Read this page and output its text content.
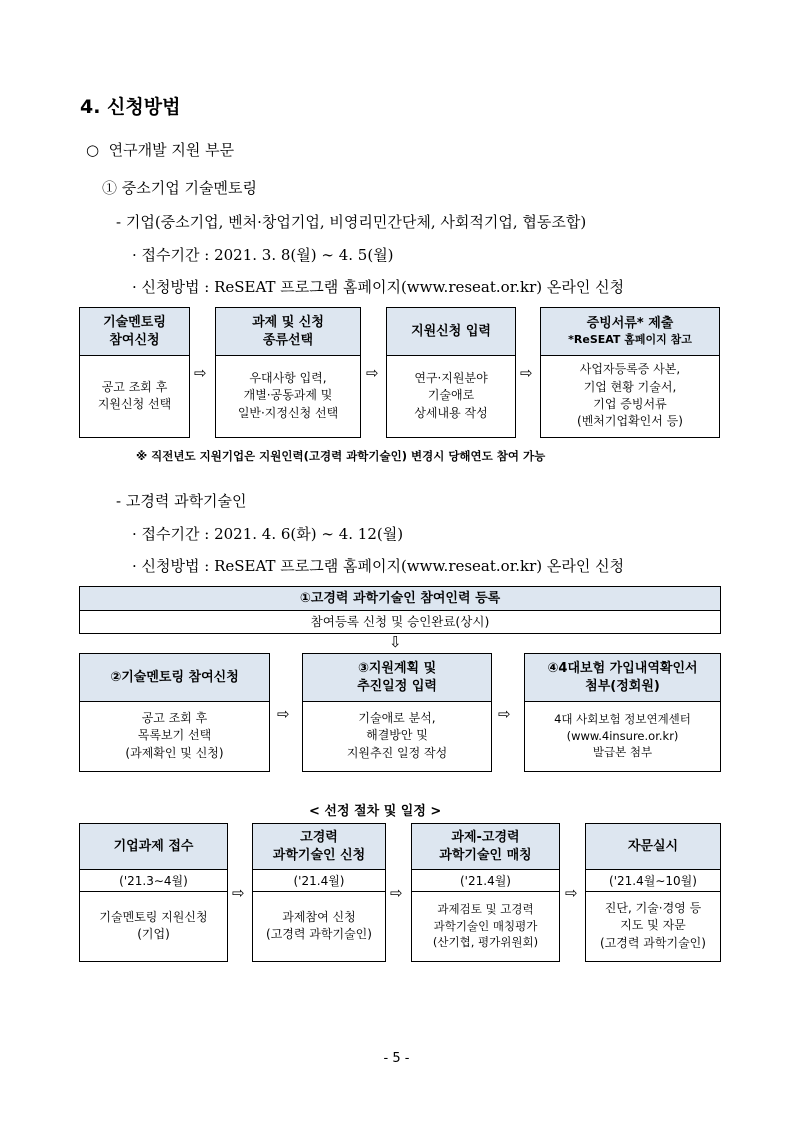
4. 신청방법
○ 연구개발 지원 부문
① 중소기업 기술멘토링
- 기업(중소기업, 벤처·창업기업, 비영리민간단체, 사회적기업, 협동조합)
· 접수기간 : 2021. 3. 8(월) ∼ 4. 5(월)
· 신청방법 : ReSEAT 프로그램 홈페이지(www.reseat.or.kr) 온라인 신청
기술멘토링
참여신청
공고 조회 후
지원신청 선택
⇨
과제 및 신청
종류선택
우대사항 입력,
개별·공동과제 및
일반·지정신청 선택
⇨
지원신청 입력
연구·지원분야
기술애로
상세내용 작성
⇨
증빙서류* 제출
*ReSEAT 홈페이지 참고
사업자등록증 사본,
기업 현황 기술서,
기업 증빙서류
(벤처기업확인서 등)
※ 직전년도 지원기업은 지원인력(고경력 과학기술인) 변경시 당해연도 참여 가능
- 고경력 과학기술인
· 접수기간 : 2021. 4. 6(화) ∼ 4. 12(월)
· 신청방법 : ReSEAT 프로그램 홈페이지(www.reseat.or.kr) 온라인 신청
①고경력 과학기술인 참여인력 등록
참여등록 신청 및 승인완료(상시)
⇩
②기술멘토링 참여신청
공고 조회 후
목록보기 선택
(과제확인 및 신청)
⇨
③지원계획 및
추진일정 입력
기술애로 분석,
해결방안 및
지원추진 일정 작성
⇨
④4대보험 가입내역확인서
첨부(정회원)
4대 사회보험 정보연계센터
(www.4insure.or.kr)
발급본 첨부
< 선정 절차 및 일정 >
기업과제 접수
('21.3∼4월)
기술멘토링 지원신청
(기업)
⇨
고경력
과학기술인 신청
('21.4월)
과제참여 신청
(고경력 과학기술인)
⇨
과제-고경력
과학기술인 매칭
('21.4월)
과제검토 및 고경력
과학기술인 매칭평가
(산기협, 평가위원회)
⇨
자문실시
('21.4월∼10월)
진단, 기술·경영 등
지도 및 자문
(고경력 과학기술인)
- 5 -
